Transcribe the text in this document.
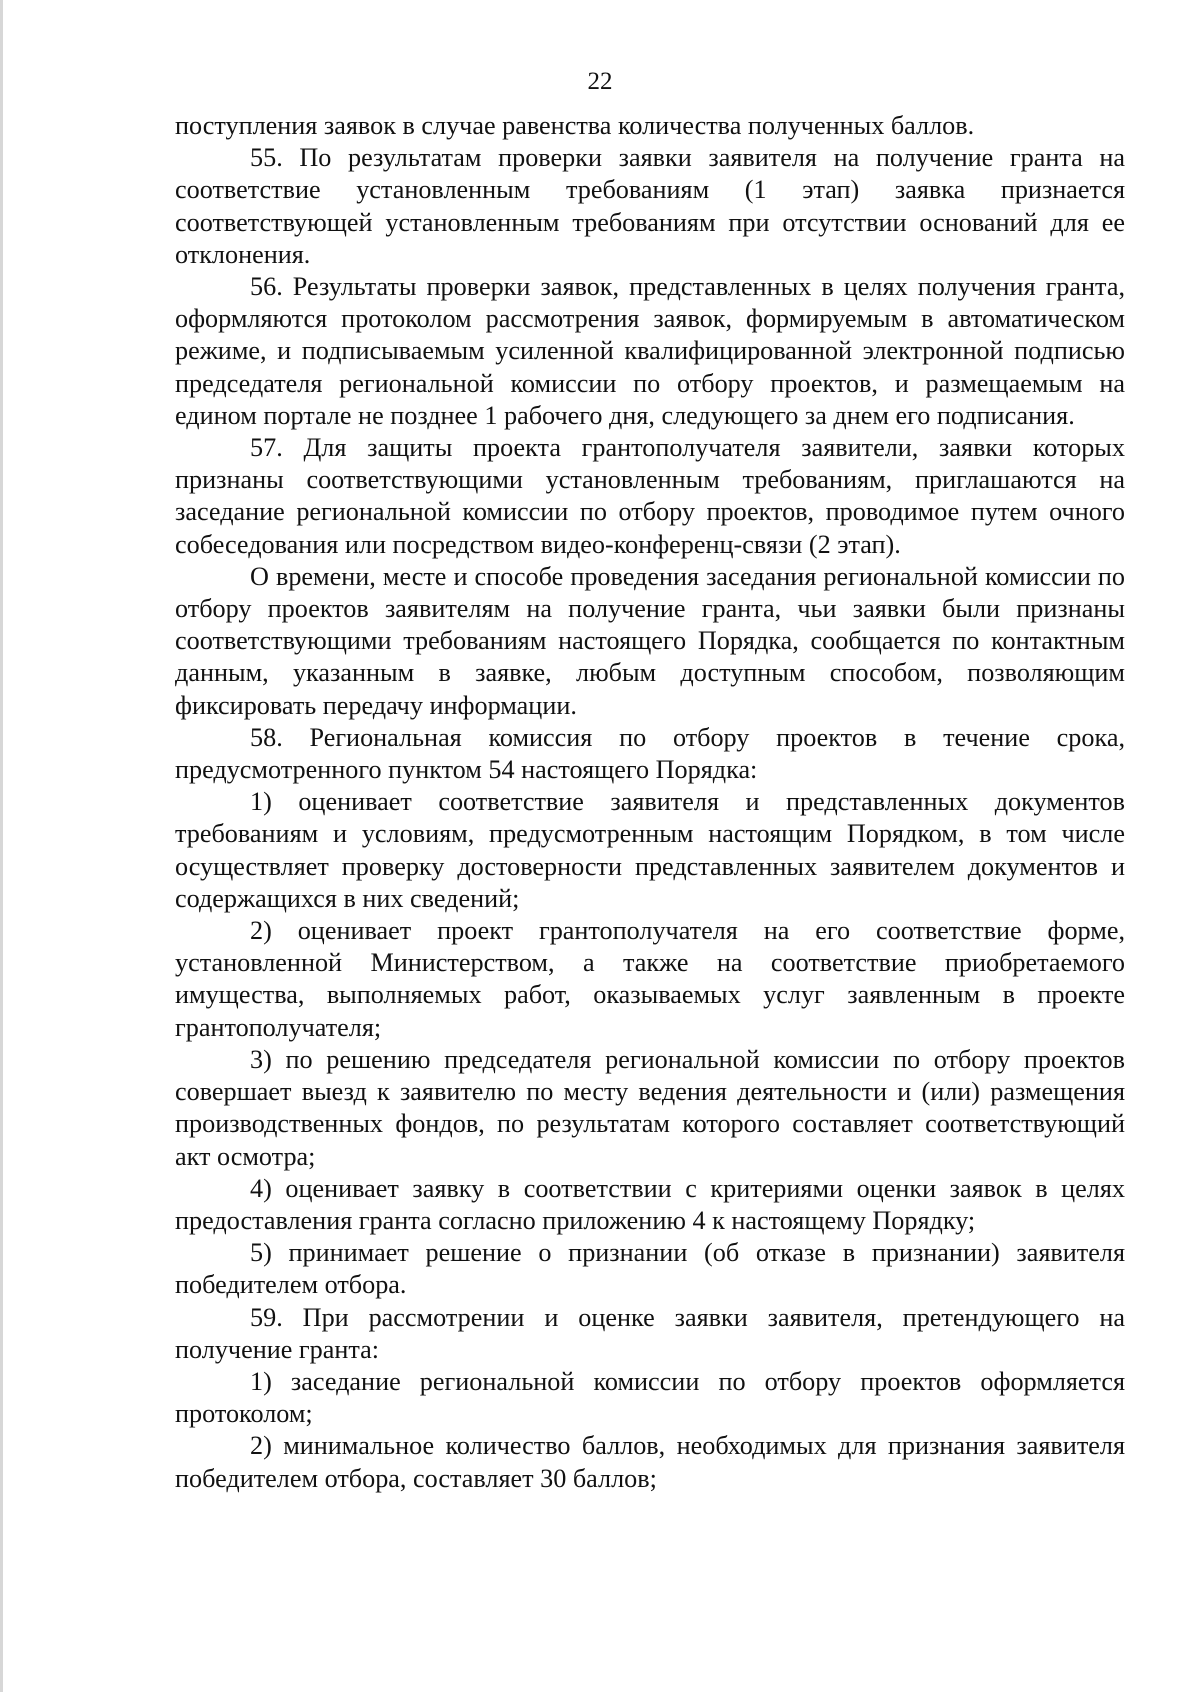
22

поступления заявок в случае равенства количества полученных баллов.

55. По результатам проверки заявки заявителя на получение гранта на соответствие установленным требованиям (1 этап) заявка признается соответствующей установленным требованиям при отсутствии оснований для ее отклонения.

56. Результаты проверки заявок, представленных в целях получения гранта, оформляются протоколом рассмотрения заявок, формируемым в автоматическом режиме, и подписываемым усиленной квалифицированной электронной подписью председателя региональной комиссии по отбору проектов, и размещаемым на едином портале не позднее 1 рабочего дня, следующего за днем его подписания.

57. Для защиты проекта грантополучателя заявители, заявки которых признаны соответствующими установленным требованиям, приглашаются на заседание региональной комиссии по отбору проектов, проводимое путем очного собеседования или посредством видео-конференц-связи (2 этап).

О времени, месте и способе проведения заседания региональной комиссии по отбору проектов заявителям на получение гранта, чьи заявки были признаны соответствующими требованиям настоящего Порядка, сообщается по контактным данным, указанным в заявке, любым доступным способом, позволяющим фиксировать передачу информации.

58. Региональная комиссия по отбору проектов в течение срока, предусмотренного пунктом 54 настоящего Порядка:

1) оценивает соответствие заявителя и представленных документов требованиям и условиям, предусмотренным настоящим Порядком, в том числе осуществляет проверку достоверности представленных заявителем документов и содержащихся в них сведений;

2) оценивает проект грантополучателя на его соответствие форме, установленной Министерством, а также на соответствие приобретаемого имущества, выполняемых работ, оказываемых услуг заявленным в проекте грантополучателя;

3) по решению председателя региональной комиссии по отбору проектов совершает выезд к заявителю по месту ведения деятельности и (или) размещения производственных фондов, по результатам которого составляет соответствующий акт осмотра;

4) оценивает заявку в соответствии с критериями оценки заявок в целях предоставления гранта согласно приложению 4 к настоящему Порядку;

5) принимает решение о признании (об отказе в признании) заявителя победителем отбора.

59. При рассмотрении и оценке заявки заявителя, претендующего на получение гранта:

1) заседание региональной комиссии по отбору проектов оформляется протоколом;

2) минимальное количество баллов, необходимых для признания заявителя победителем отбора, составляет 30 баллов;
